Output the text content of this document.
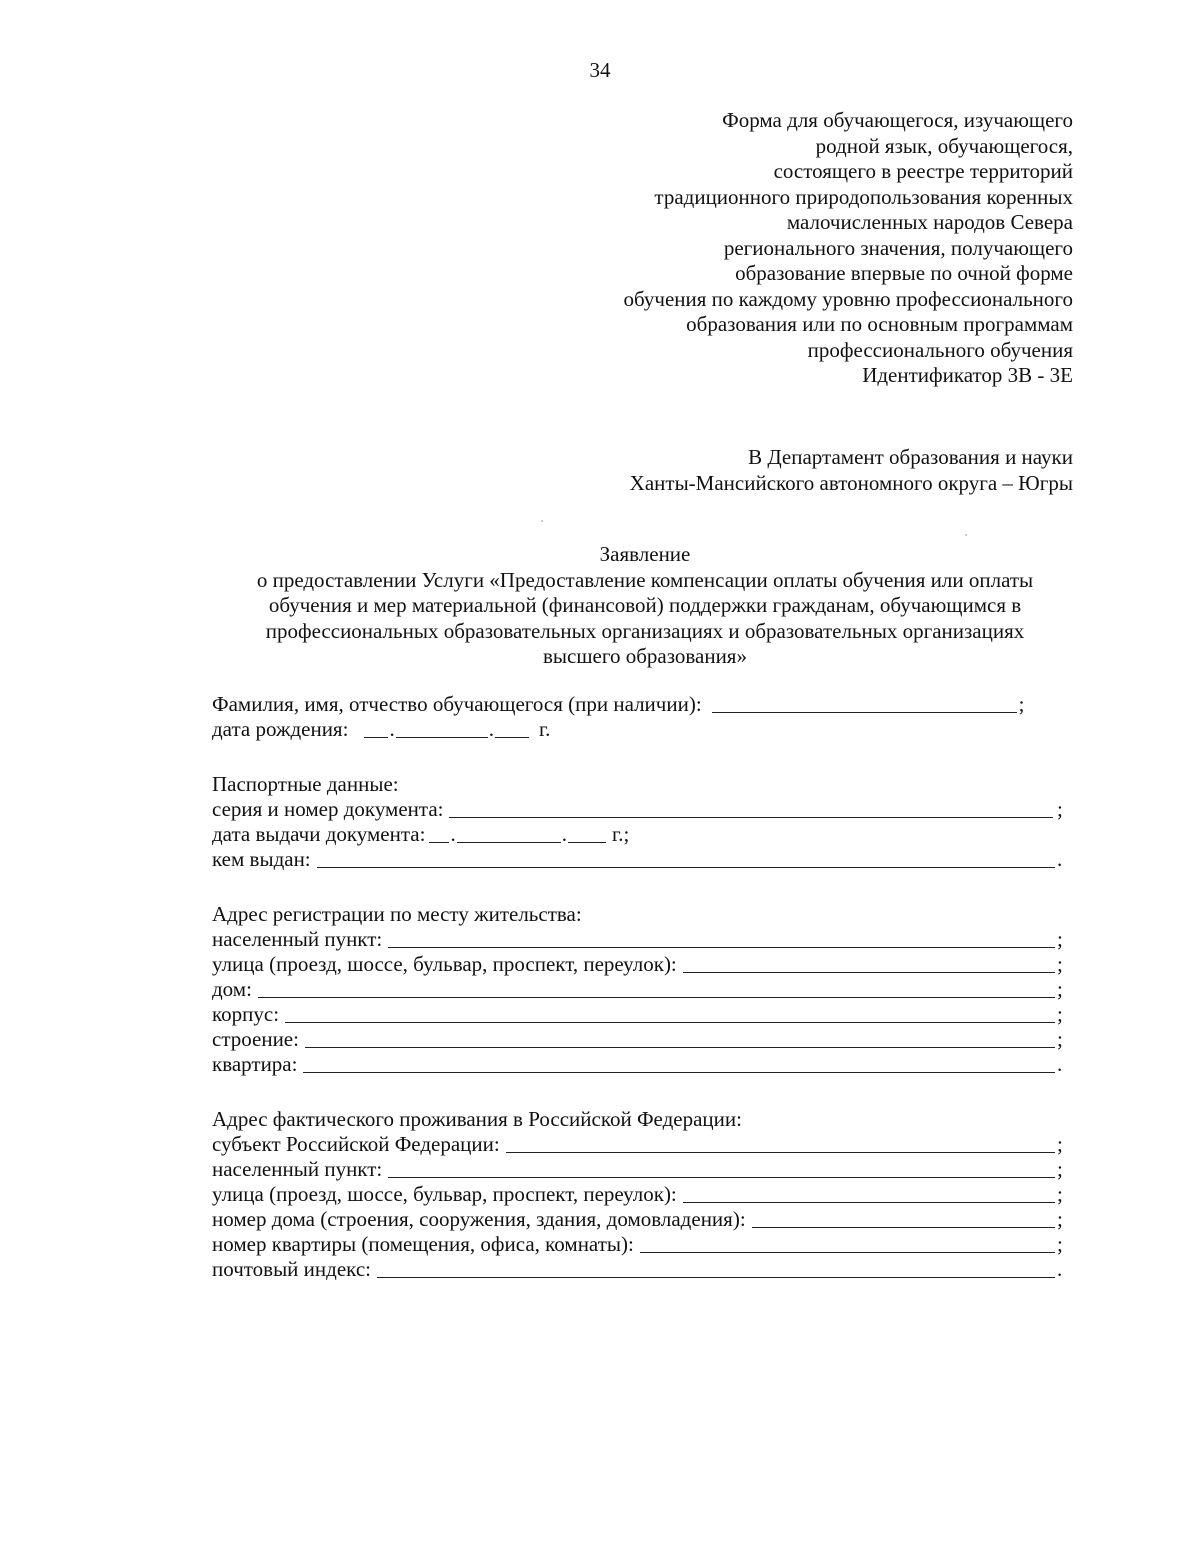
34
Форма для обучающегося, изучающего
родной язык, обучающегося,
состоящего в реестре территорий
традиционного природопользования коренных
малочисленных народов Севера
регионального значения, получающего
образование впервые по очной форме
обучения по каждому уровню профессионального
образования или по основным программам
профессионального обучения
Идентификатор 3В - 3Е
В Департамент образования и науки
Ханты-Мансийского автономного округа – Югры
Заявление
о предоставлении Услуги «Предоставление компенсации оплаты обучения или оплаты
обучения и мер материальной (финансовой) поддержки гражданам, обучающимся в
профессиональных образовательных организациях и образовательных организациях
высшего образования»
Фамилия, имя, отчество обучающегося (при наличии):	;
дата рождения: .	. г.
Паспортные данные:
серия и номер документа:	;
дата выдачи документа: .	. г.;
кем выдан:	.
Адрес регистрации по месту жительства:
населенный пункт:	;
улица (проезд, шоссе, бульвар, проспект, переулок):	;
дом:	;
корпус:	;
строение:	;
квартира:	.
Адрес фактического проживания в Российской Федерации:
субъект Российской Федерации:	;
населенный пункт:	;
улица (проезд, шоссе, бульвар, проспект, переулок):	;
номер дома (строения, сооружения, здания, домовладения):	;
номер квартиры (помещения, офиса, комнаты):	;
почтовый индекс:	.
